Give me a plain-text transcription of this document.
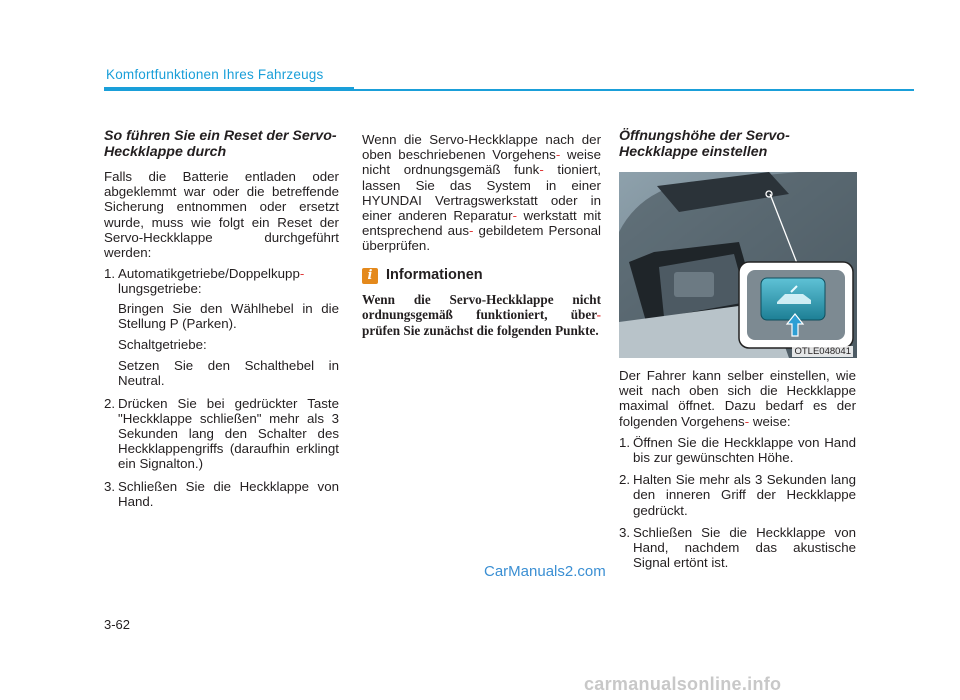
Komfortfunktionen Ihres Fahrzeugs
So führen Sie ein Reset der Servo-Heckklappe durch

Falls die Batterie entladen oder abgeklemmt war oder die betreffende Sicherung entnommen oder ersetzt wurde, muss wie folgt ein Reset der Servo-Heckklappe durchgeführt werden:

1. Automatikgetriebe/Doppelkupp- lungsgetriebe:

Bringen Sie den Wählhebel in die Stellung P (Parken).

Schaltgetriebe:

Setzen Sie den Schalthebel in Neutral.

2. Drücken Sie bei gedrückter Taste "Heckklappe schließen" mehr als 3 Sekunden lang den Schalter des Heckklappengriffs (daraufhin erklingt ein Signalton.)
3. Schließen Sie die Heckklappe von Hand.

Wenn die Servo-Heckklappe nach der oben beschriebenen Vorgehens- weise nicht ordnungsgemäß funk- tioniert, lassen Sie das System in einer HYUNDAI Vertragswerkstatt oder in einer anderen Reparatur- werkstatt mit entsprechend aus- gebildetem Personal überprüfen.

i Informationen

Wenn die Servo-Heckklappe nicht ordnungsgemäß funktioniert, über- prüfen Sie zunächst die folgenden Punkte.

Öffnungshöhe der Servo-Heckklappe einstellen
OTLE048041

Der Fahrer kann selber einstellen, wie weit nach oben sich die Heckklappe maximal öffnet. Dazu bedarf es der folgenden Vorgehens- weise:

1. Öffnen Sie die Heckklappe von Hand bis zur gewünschten Höhe.
2. Halten Sie mehr als 3 Sekunden lang den inneren Griff der Heckklappe gedrückt.
3. Schließen Sie die Heckklappe von Hand, nachdem das akustische Signal ertönt ist.
CarManuals2.com
3-62
carmanualsonline.info
